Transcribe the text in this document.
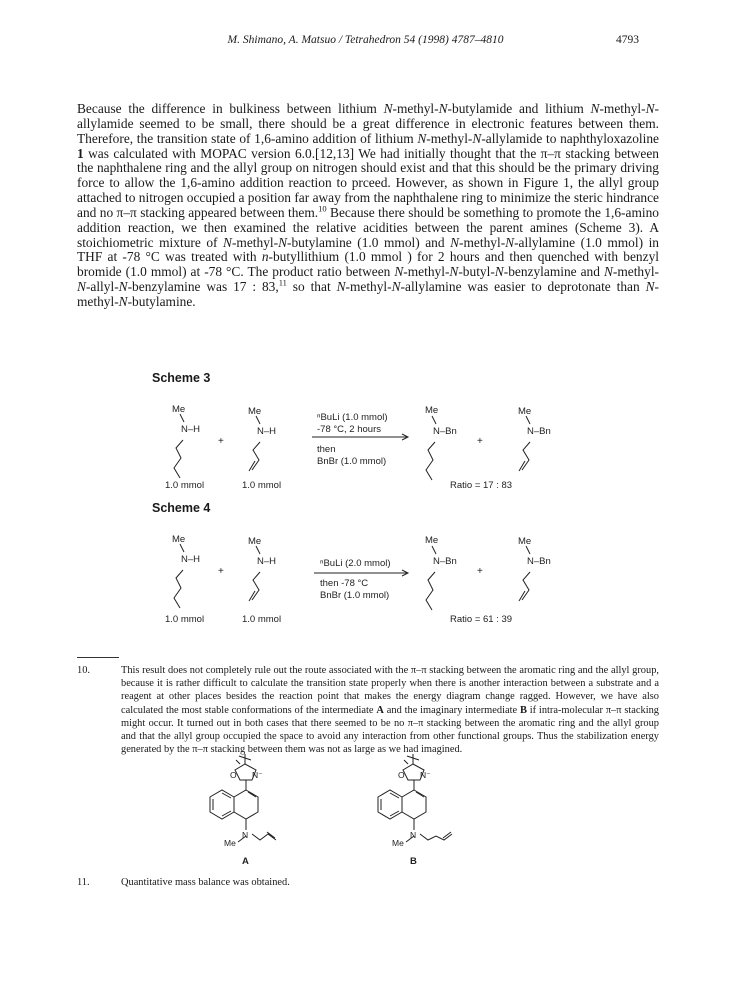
M. Shimano, A. Matsuo / Tetrahedron 54 (1998) 4787–4810	4793
Because the difference in bulkiness between lithium N-methyl-N-butylamide and lithium N-methyl-N-allylamide seemed to be small, there should be a great difference in electronic features between them. Therefore, the transition state of 1,6-amino addition of lithium N-methyl-N-allylamide to naphthyloxazoline 1 was calculated with MOPAC version 6.0.[12,13] We had initially thought that the π–π stacking between the naphthalene ring and the allyl group on nitrogen should exist and that this should be the primary driving force to allow the 1,6-amino addition reaction to prceed. However, as shown in Figure 1, the allyl group attached to nitrogen occupied a position far away from the naphthalene ring to minimize the steric hindrance and no π–π stacking appeared between them.$^{10}$ Because there should be something to promote the 1,6-amino addition reaction, we then examined the relative acidities between the parent amines (Scheme 3). A stoichiometric mixture of N-methyl-N-butylamine (1.0 mmol) and N-methyl-N-allylamine (1.0 mmol) in THF at -78 °C was treated with n-butyllithium (1.0 mmol ) for 2 hours and then quenched with benzyl bromide (1.0 mmol) at -78 °C. The product ratio between N-methyl-N-butyl-N-benzylamine and N-methyl-N-allyl-N-benzylamine was 17 : 83,11 so that N-methyl-N-allylamine was easier to deprotonate than N-methyl-N-butylamine.
Scheme 3
Me
N–H
+
Me
N–H
ⁿBuLi (1.0 mmol)
-78 °C, 2 hours
then
BnBr (1.0 mmol)
Me
N–Bn
+
Me
N–Bn
1.0 mmol	1.0 mmol	Ratio = 17 : 83
Scheme 4
Me
N–H
+
Me
N–H	ⁿBuLi (2.0 mmol)
then -78 °C
BnBr (1.0 mmol)
Me
N–Bn
+
Me
N–Bn
1.0 mmol	1.0 mmol	Ratio = 61 : 39
10.	This result does not completely rule out the route associated with the π–π stacking between the aromatic ring and the allyl group, because it is rather difficult to calculate the transition state properly when there is another interaction between a substrate and a reagent at other places besides the reaction point that makes the energy diagram change ragged. However, we have also calculated the most stable conformations of the intermediate A and the imaginary intermediate B if intra-molecular π–π stacking might occur. It turned out in both cases that there seemed to be no π–π stacking between the aromatic ring and the allyl group and that the allyl group occupied the space to avoid any interaction from other functional groups. Thus the stabilization energy generated by the π–π stacking between them was not as large as we had imagined.
O N⁻
Me
N
A
O N⁻
Me
N
B
11.	Quantitative mass balance was obtained.
